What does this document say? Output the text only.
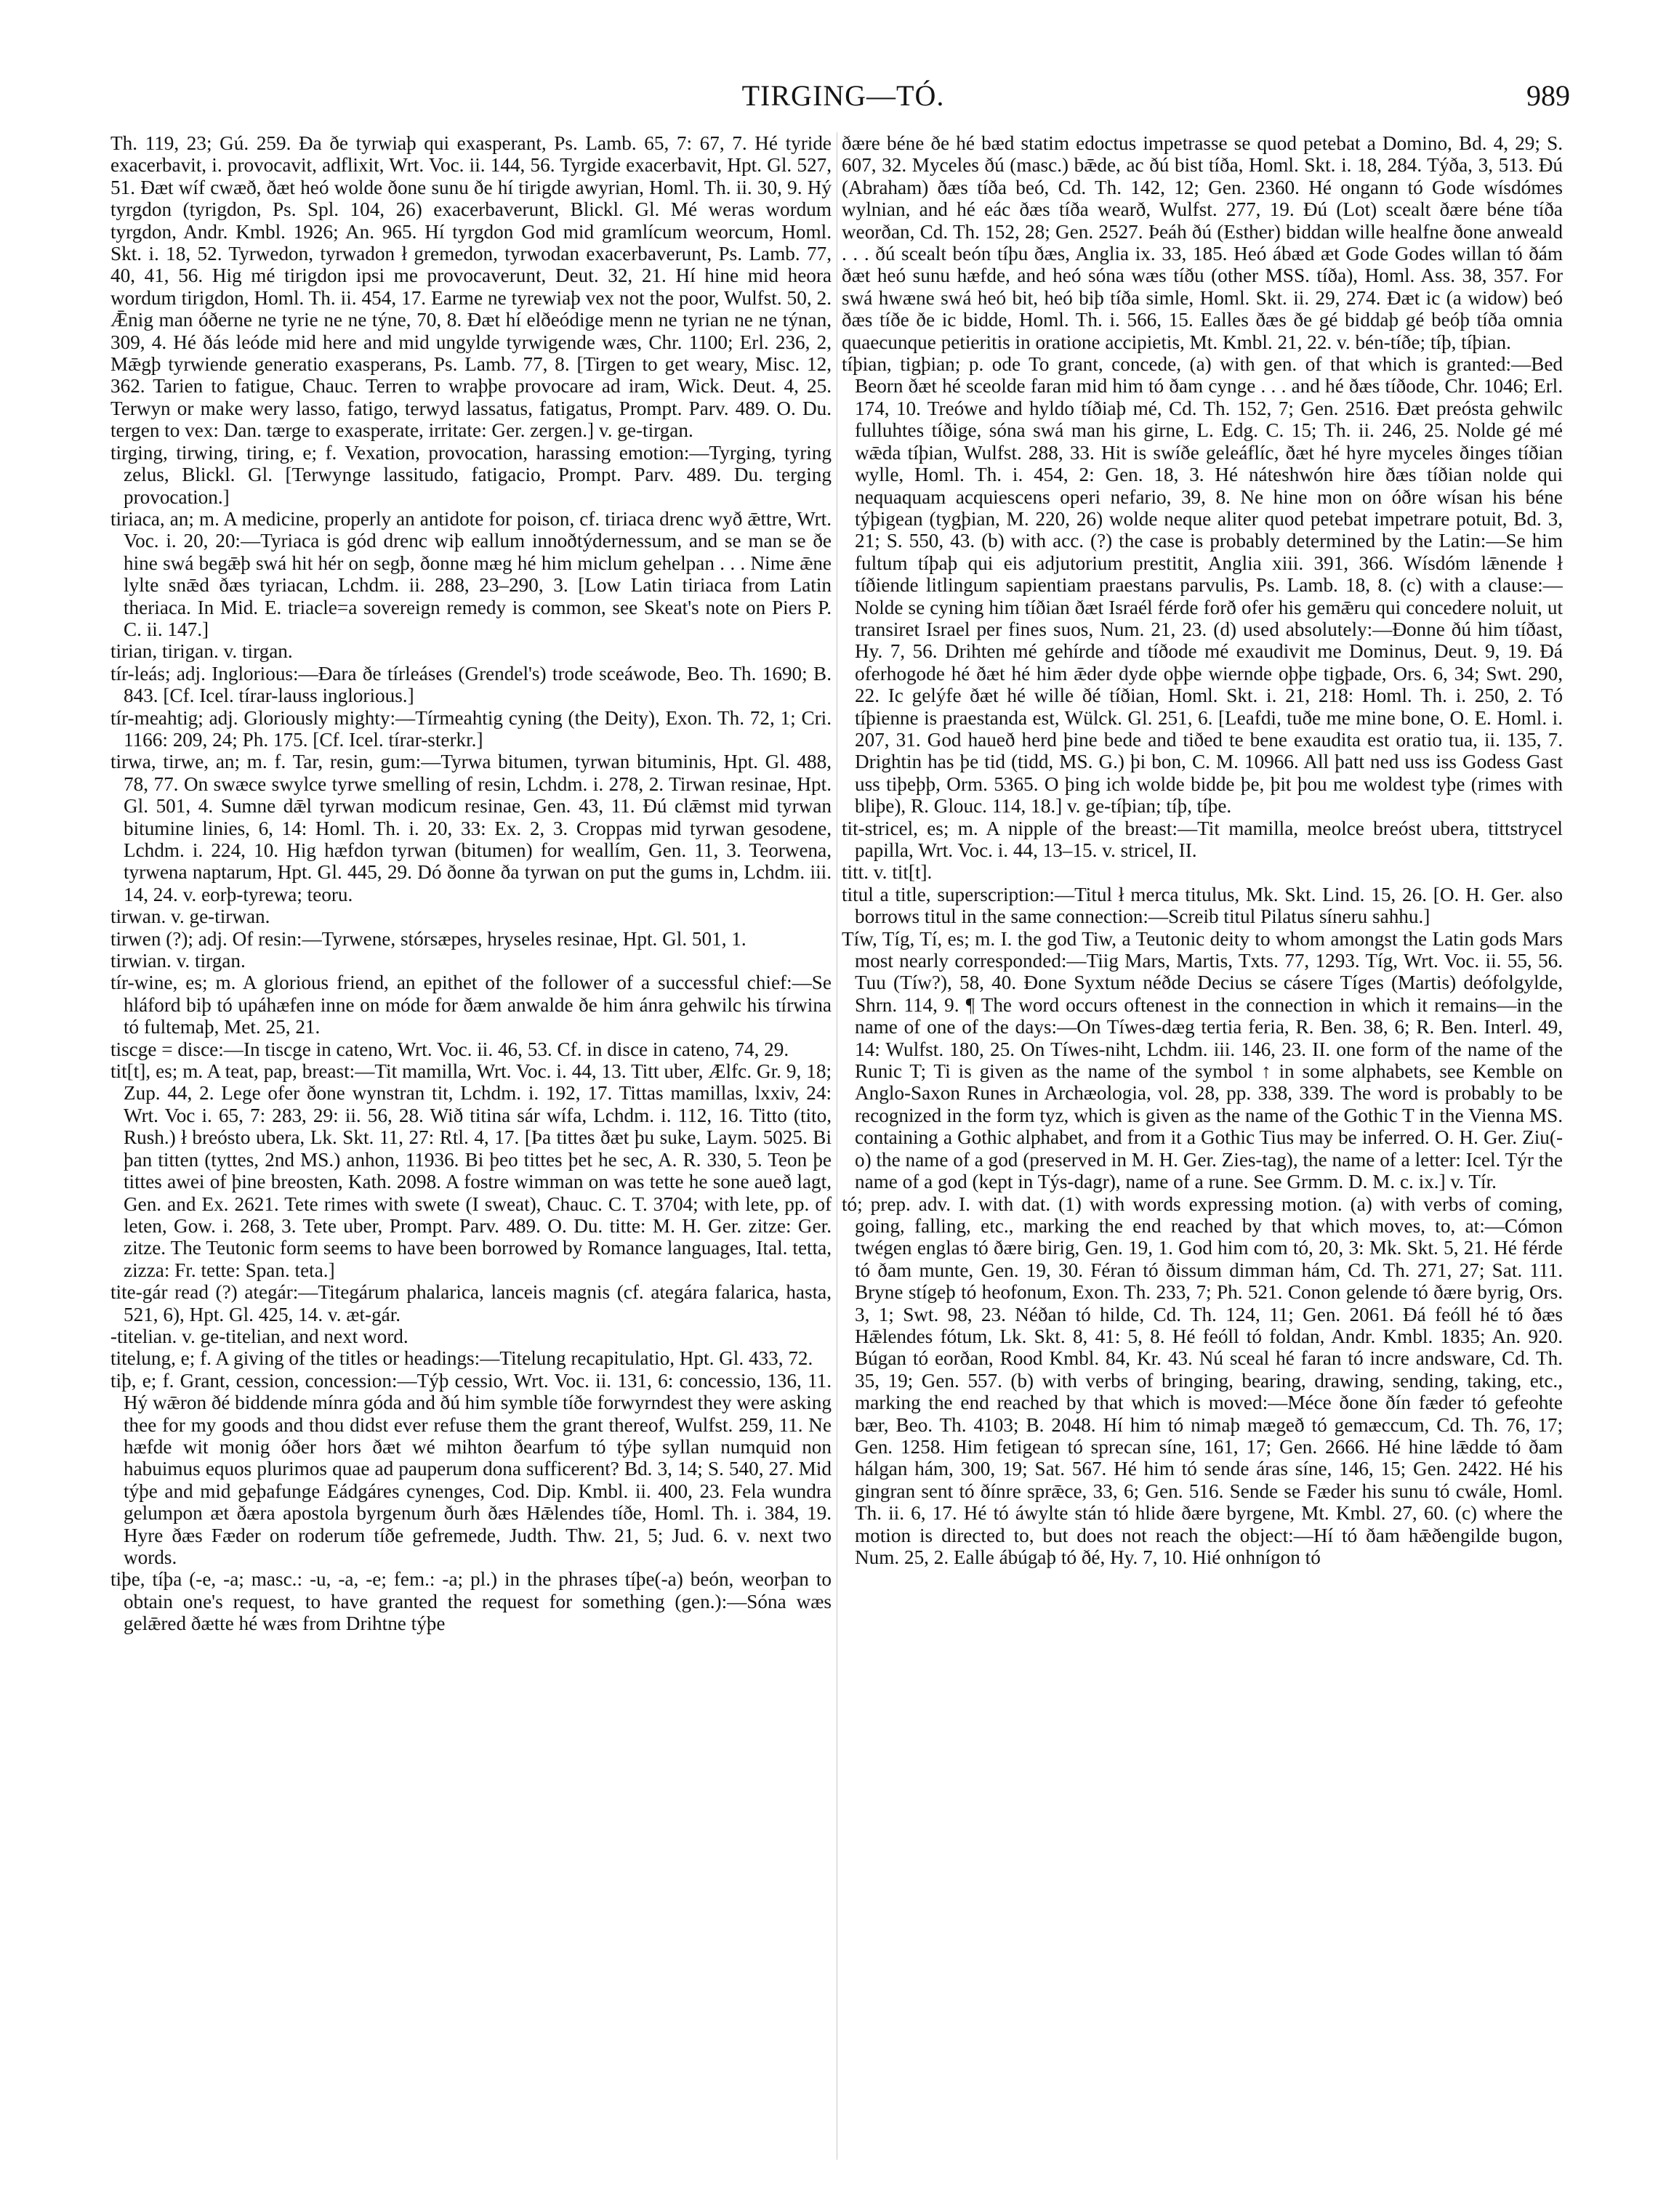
TIRGING—TÓ.	989

Th. 119, 23; Gú. 259. Ða ðe tyrwiaþ qui exasperant, Ps. Lamb. 65, 7: 67, 7. Hé tyride exacerbavit, i. provocavit, adflixit, Wrt. Voc. ii. 144, 56. Tyrgide exacerbavit, Hpt. Gl. 527, 51. Ðæt wíf cwæð, ðæt heó wolde ðone sunu ðe hí tirigde awyrian, Homl. Th. ii. 30, 9. Hý tyrgdon (tyrigdon, Ps. Spl. 104, 26) exacerbaverunt, Blickl. Gl. Mé weras wordum tyrgdon, Andr. Kmbl. 1926; An. 965. Hí tyrgdon God mid gramlícum weorcum, Homl. Skt. i. 18, 52. Tyrwedon, tyrwadon ł gremedon, tyrwodan exacerbaverunt, Ps. Lamb. 77, 40, 41, 56. Hig mé tirigdon ipsi me provocaverunt, Deut. 32, 21. Hí hine mid heora wordum tirigdon, Homl. Th. ii. 454, 17. Earme ne tyrewiaþ vex not the poor, Wulfst. 50, 2. Ǣnig man óðerne ne tyrie ne ne týne, 70, 8. Ðæt hí elðeódige menn ne tyrian ne ne týnan, 309, 4. Hé ðás leóde mid here and mid ungylde tyrwigende wæs, Chr. 1100; Erl. 236, 2, Mǣgþ tyrwiende generatio exasperans, Ps. Lamb. 77, 8. [Tirgen to get weary, Misc. 12, 362. Tarien to fatigue, Chauc. Terren to wraþþe provocare ad iram, Wick. Deut. 4, 25. Terwyn or make wery lasso, fatigo, terwyd lassatus, fatigatus, Prompt. Parv. 489. O. Du. tergen to vex: Dan. tærge to exasperate, irritate: Ger. zergen.] v. ge-tirgan.

tirging, tirwing, tiring, e; f. Vexation, provocation, harassing emotion:—Tyrging, tyring zelus, Blickl. Gl. [Terwynge lassitudo, fatigacio, Prompt. Parv. 489. Du. terging provocation.]

tiriaca, an; m. A medicine, properly an antidote for poison, cf. tiriaca drenc wyð ǣttre, Wrt. Voc. i. 20, 20:—Tyriaca is gód drenc wiþ eallum innoðtýdernessum, and se man se ðe hine swá begǣþ swá hit hér on segþ, ðonne mæg hé him miclum gehelpan . . . Nime ǣne lylte snǣd ðæs tyriacan, Lchdm. ii. 288, 23–290, 3. [Low Latin tiriaca from Latin theriaca. In Mid. E. triacle=a sovereign remedy is common, see Skeat's note on Piers P. C. ii. 147.]

tirian, tirigan. v. tirgan.

tír-leás; adj. Inglorious:—Ðara ðe tírleáses (Grendel's) trode sceáwode, Beo. Th. 1690; B. 843. [Cf. Icel. tírar-lauss inglorious.]

tír-meahtig; adj. Gloriously mighty:—Tírmeahtig cyning (the Deity), Exon. Th. 72, 1; Cri. 1166: 209, 24; Ph. 175. [Cf. Icel. tírar-sterkr.]

tirwa, tirwe, an; m. f. Tar, resin, gum:—Tyrwa bitumen, tyrwan bituminis, Hpt. Gl. 488, 78, 77. On swæce swylce tyrwe smelling of resin, Lchdm. i. 278, 2. Tirwan resinae, Hpt. Gl. 501, 4. Sumne dǣl tyrwan modicum resinae, Gen. 43, 11. Ðú clǣmst mid tyrwan bitumine linies, 6, 14: Homl. Th. i. 20, 33: Ex. 2, 3. Croppas mid tyrwan gesodene, Lchdm. i. 224, 10. Hig hæfdon tyrwan (bitumen) for weallím, Gen. 11, 3. Teorwena, tyrwena naptarum, Hpt. Gl. 445, 29. Dó ðonne ða tyrwan on put the gums in, Lchdm. iii. 14, 24. v. eorþ-tyrewa; teoru.

tirwan. v. ge-tirwan.

tirwen (?); adj. Of resin:—Tyrwene, stórsæpes, hryseles resinae, Hpt. Gl. 501, 1.

tirwian. v. tirgan.

tír-wine, es; m. A glorious friend, an epithet of the follower of a successful chief:—Se hláford biþ tó upáhæfen inne on móde for ðæm anwalde ðe him ánra gehwilc his tírwina tó fultemaþ, Met. 25, 21.

tiscge = disce:—In tiscge in cateno, Wrt. Voc. ii. 46, 53. Cf. in disce in cateno, 74, 29.

tit[t], es; m. A teat, pap, breast:—Tit mamilla, Wrt. Voc. i. 44, 13. Titt uber, Ælfc. Gr. 9, 18; Zup. 44, 2. Lege ofer ðone wynstran tit, Lchdm. i. 192, 17. Tittas mamillas, lxxiv, 24: Wrt. Voc i. 65, 7: 283, 29: ii. 56, 28. Wið titina sár wífa, Lchdm. i. 112, 16. Titto (tito, Rush.) ł breósto ubera, Lk. Skt. 11, 27: Rtl. 4, 17. [Þa tittes ðæt þu suke, Laym. 5025. Bi þan titten (tyttes, 2nd MS.) anhon, 11936. Bi þeo tittes þet he sec, A. R. 330, 5. Teon þe tittes awei of þine breosten, Kath. 2098. A fostre wimman on was tette he sone aueð lagt, Gen. and Ex. 2621. Tete rimes with swete (I sweat), Chauc. C. T. 3704; with lete, pp. of leten, Gow. i. 268, 3. Tete uber, Prompt. Parv. 489. O. Du. titte: M. H. Ger. zitze: Ger. zitze. The Teutonic form seems to have been borrowed by Romance languages, Ital. tetta, zizza: Fr. tette: Span. teta.]

tite-gár read (?) ategár:—Titegárum phalarica, lanceis magnis (cf. ategára falarica, hasta, 521, 6), Hpt. Gl. 425, 14. v. æt-gár.

-titelian. v. ge-titelian, and next word.

titelung, e; f. A giving of the titles or headings:—Titelung recapitulatio, Hpt. Gl. 433, 72.

tiþ, e; f. Grant, cession, concession:—Týþ cessio, Wrt. Voc. ii. 131, 6: concessio, 136, 11. Hý wǣron ðé biddende mínra góda and ðú him symble tíðe forwyrndest they were asking thee for my goods and thou didst ever refuse them the grant thereof, Wulfst. 259, 11. Ne hæfde wit monig óðer hors ðæt wé mihton ðearfum tó týþe syllan numquid non habuimus equos plurimos quae ad pauperum dona sufficerent? Bd. 3, 14; S. 540, 27. Mid týþe and mid geþafunge Eádgáres cynenges, Cod. Dip. Kmbl. ii. 400, 23. Fela wundra gelumpon æt ðæra apostola byrgenum ðurh ðæs Hǣlendes tíðe, Homl. Th. i. 384, 19. Hyre ðæs Fæder on roderum tíðe gefremede, Judth. Thw. 21, 5; Jud. 6. v. next two words.

tiþe, tíþa (-e, -a; masc.: -u, -a, -e; fem.: -a; pl.) in the phrases tíþe(-a) beón, weorþan to obtain one's request, to have granted the request for something (gen.):—Sóna wæs gelǣred ðætte hé wæs from Drihtne týþe

ðære béne ðe hé bæd statim edoctus impetrasse se quod petebat a Domino, Bd. 4, 29; S. 607, 32. Myceles ðú (masc.) bǣde, ac ðú bist tíða, Homl. Skt. i. 18, 284. Týða, 3, 513. Ðú (Abraham) ðæs tíða beó, Cd. Th. 142, 12; Gen. 2360. Hé ongann tó Gode wísdómes wylnian, and hé eác ðæs tíða wearð, Wulfst. 277, 19. Ðú (Lot) scealt ðære béne tíða weorðan, Cd. Th. 152, 28; Gen. 2527. Þeáh ðú (Esther) biddan wille healfne ðone anweald . . . ðú scealt beón tíþu ðæs, Anglia ix. 33, 185. Heó ábæd æt Gode Godes willan tó ðám ðæt heó sunu hæfde, and heó sóna wæs tíðu (other MSS. tíða), Homl. Ass. 38, 357. For swá hwæne swá heó bit, heó biþ tíða simle, Homl. Skt. ii. 29, 274. Ðæt ic (a widow) beó ðæs tíðe ðe ic bidde, Homl. Th. i. 566, 15. Ealles ðæs ðe gé biddaþ gé beóþ tíða omnia quaecunque petieritis in oratione accipietis, Mt. Kmbl. 21, 22. v. bén-tíðe; tíþ, tíþian.

tíþian, tigþian; p. ode To grant, concede, (a) with gen. of that which is granted:—Bed Beorn ðæt hé sceolde faran mid him tó ðam cynge . . . and hé ðæs tíðode, Chr. 1046; Erl. 174, 10. Treówe and hyldo tíðiaþ mé, Cd. Th. 152, 7; Gen. 2516. Ðæt preósta gehwilc fulluhtes tíðige, sóna swá man his girne, L. Edg. C. 15; Th. ii. 246, 25. Nolde gé mé wǣda tíþian, Wulfst. 288, 33. Hit is swíðe geleáflíc, ðæt hé hyre myceles ðinges tíðian wylle, Homl. Th. i. 454, 2: Gen. 18, 3. Hé náteshwón hire ðæs tíðian nolde qui nequaquam acquiescens operi nefario, 39, 8. Ne hine mon on óðre wísan his béne týþigean (tygþian, M. 220, 26) wolde neque aliter quod petebat impetrare potuit, Bd. 3, 21; S. 550, 43. (b) with acc. (?) the case is probably determined by the Latin:—Se him fultum tíþaþ qui eis adjutorium prestitit, Anglia xiii. 391, 366. Wísdóm lǣnende ł tíðiende litlingum sapientiam praestans parvulis, Ps. Lamb. 18, 8. (c) with a clause:—Nolde se cyning him tíðian ðæt Israél férde forð ofer his gemǣru qui concedere noluit, ut transiret Israel per fines suos, Num. 21, 23. (d) used absolutely:—Ðonne ðú him tíðast, Hy. 7, 56. Drihten mé gehírde and tíðode mé exaudivit me Dominus, Deut. 9, 19. Ðá oferhogode hé ðæt hé him ǣder dyde oþþe wiernde oþþe tigþade, Ors. 6, 34; Swt. 290, 22. Ic gelýfe ðæt hé wille ðé tíðian, Homl. Skt. i. 21, 218: Homl. Th. i. 250, 2. Tó tíþienne is praestanda est, Wülck. Gl. 251, 6. [Leafdi, tuðe me mine bone, O. E. Homl. i. 207, 31. God haueð herd þine bede and tiðed te bene exaudita est oratio tua, ii. 135, 7. Drightin has þe tid (tidd, MS. G.) þi bon, C. M. 10966. All þatt ned uss iss Godess Gast uss tiþeþþ, Orm. 5365. O þing ich wolde bidde þe, þit þou me woldest tyþe (rimes with bliþe), R. Glouc. 114, 18.] v. ge-tíþian; tíþ, tíþe.

tit-stricel, es; m. A nipple of the breast:—Tit mamilla, meolce breóst ubera, tittstrycel papilla, Wrt. Voc. i. 44, 13–15. v. stricel, II.

titt. v. tit[t].

titul a title, superscription:—Titul ł merca titulus, Mk. Skt. Lind. 15, 26. [O. H. Ger. also borrows titul in the same connection:—Screib titul Pilatus síneru sahhu.]

Tíw, Tíg, Tí, es; m. I. the god Tiw, a Teutonic deity to whom amongst the Latin gods Mars most nearly corresponded:—Tiig Mars, Martis, Txts. 77, 1293. Tíg, Wrt. Voc. ii. 55, 56. Tuu (Tíw?), 58, 40. Ðone Syxtum néðde Decius se cásere Tíges (Martis) deófolgylde, Shrn. 114, 9. ¶ The word occurs oftenest in the connection in which it remains—in the name of one of the days:—On Tíwes-dæg tertia feria, R. Ben. 38, 6; R. Ben. Interl. 49, 14: Wulfst. 180, 25. On Tíwes-niht, Lchdm. iii. 146, 23. II. one form of the name of the Runic T; Ti is given as the name of the symbol ↑ in some alphabets, see Kemble on Anglo-Saxon Runes in Archæologia, vol. 28, pp. 338, 339. The word is probably to be recognized in the form tyz, which is given as the name of the Gothic T in the Vienna MS. containing a Gothic alphabet, and from it a Gothic Tius may be inferred. O. H. Ger. Ziu(-o) the name of a god (preserved in M. H. Ger. Zies-tag), the name of a letter: Icel. Týr the name of a god (kept in Týs-dagr), name of a rune. See Grmm. D. M. c. ix.] v. Tír.

tó; prep. adv. I. with dat. (1) with words expressing motion. (a) with verbs of coming, going, falling, etc., marking the end reached by that which moves, to, at:—Cómon twégen englas tó ðære birig, Gen. 19, 1. God him com tó, 20, 3: Mk. Skt. 5, 21. Hé férde tó ðam munte, Gen. 19, 30. Féran tó ðissum dimman hám, Cd. Th. 271, 27; Sat. 111. Bryne stígeþ tó heofonum, Exon. Th. 233, 7; Ph. 521. Conon gelende tó ðære byrig, Ors. 3, 1; Swt. 98, 23. Néðan tó hilde, Cd. Th. 124, 11; Gen. 2061. Ðá feóll hé tó ðæs Hǣlendes fótum, Lk. Skt. 8, 41: 5, 8. Hé feóll tó foldan, Andr. Kmbl. 1835; An. 920. Búgan tó eorðan, Rood Kmbl. 84, Kr. 43. Nú sceal hé faran tó incre andsware, Cd. Th. 35, 19; Gen. 557. (b) with verbs of bringing, bearing, drawing, sending, taking, etc., marking the end reached by that which is moved:—Méce ðone ðín fæder tó gefeohte bær, Beo. Th. 4103; B. 2048. Hí him tó nimaþ mægeð tó gemæccum, Cd. Th. 76, 17; Gen. 1258. Him fetigean tó sprecan síne, 161, 17; Gen. 2666. Hé hine lǣdde tó ðam hálgan hám, 300, 19; Sat. 567. Hé him tó sende áras síne, 146, 15; Gen. 2422. Hé his gingran sent tó ðínre sprǣce, 33, 6; Gen. 516. Sende se Fæder his sunu tó cwále, Homl. Th. ii. 6, 17. Hé tó áwylte stán tó hlide ðære byrgene, Mt. Kmbl. 27, 60. (c) where the motion is directed to, but does not reach the object:—Hí tó ðam hǣðengilde bugon, Num. 25, 2. Ealle ábúgaþ tó ðé, Hy. 7, 10. Hié onhnígon tó
